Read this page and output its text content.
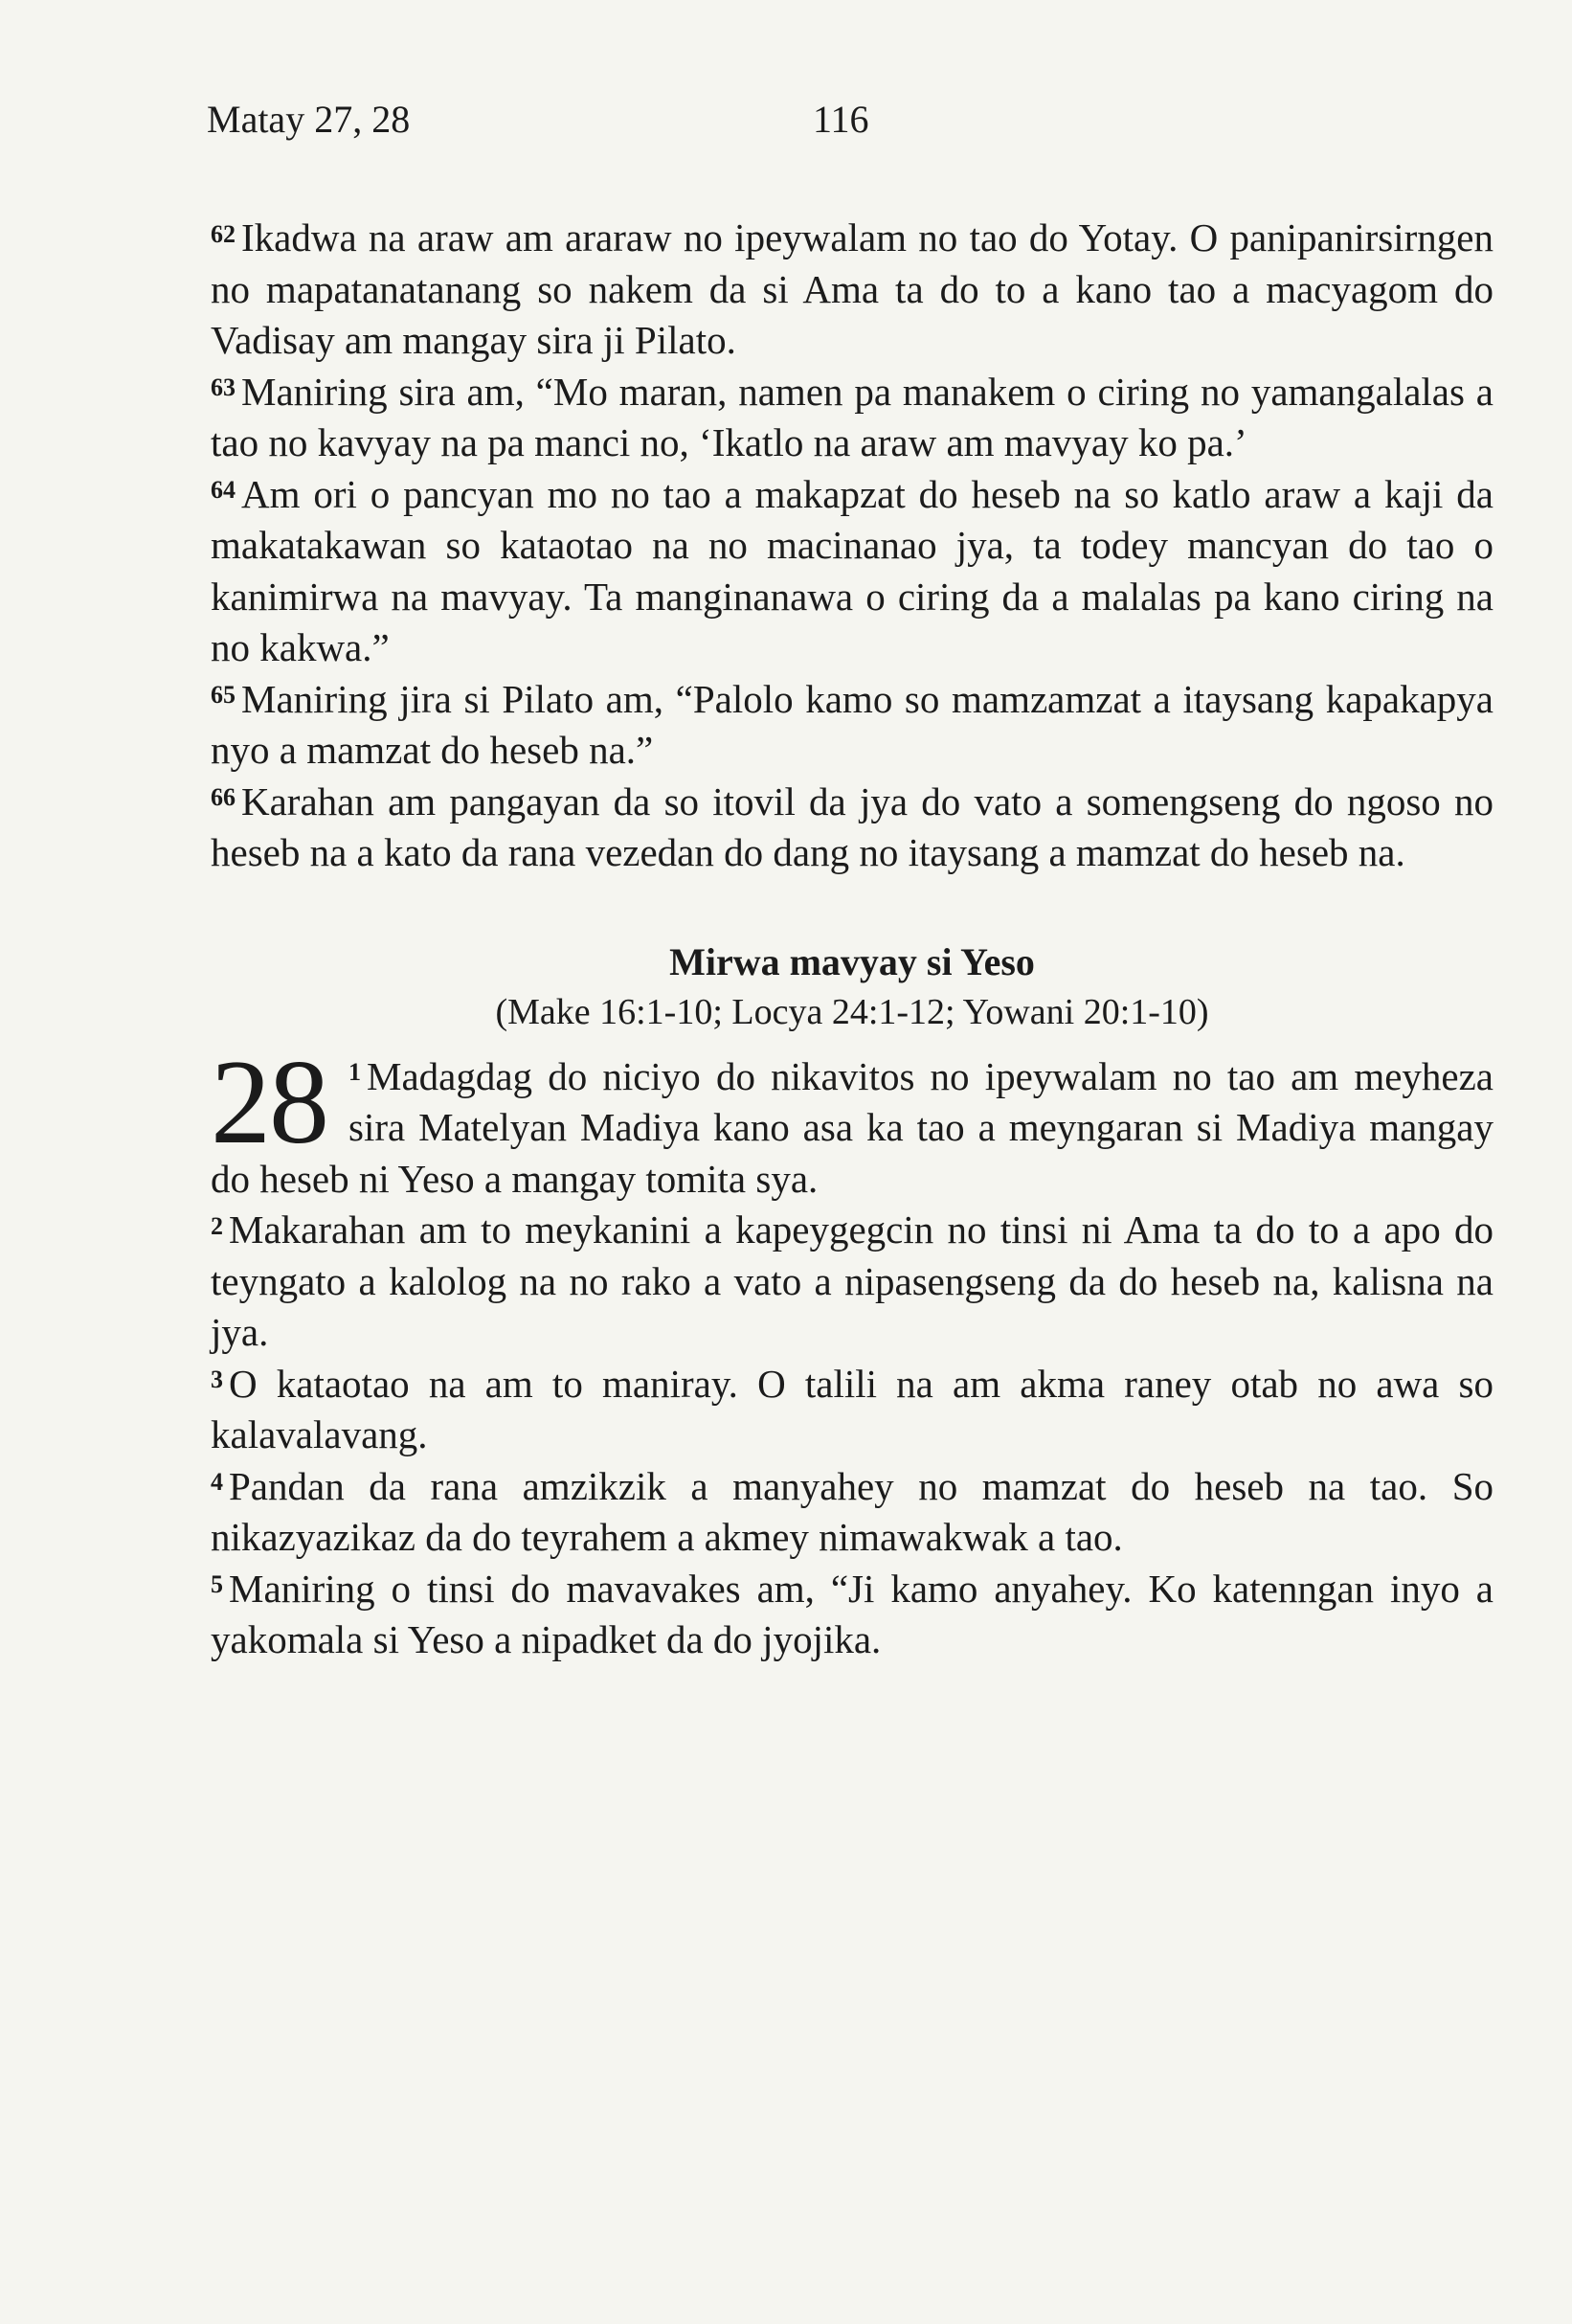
Matay 27, 28	116

$^{62}$ Ikadwa na araw am araraw no ipeywalam no tao do Yotay. O panipanirsirngen no mapatanatanang so nakem da si Ama ta do to a kano tao a macyagom do Vadisay am mangay sira ji Pilato.

$^{63}$ Maniring sira am, “Mo maran, namen pa manakem o ciring no yamangalalas a tao no kavyay na pa manci no, ‘Ikatlo na araw am mavyay ko pa.’

$^{64}$ Am ori o pancyan mo no tao a makapzat do heseb na so katlo araw a kaji da makatakawan so kataotao na no macinanao jya, ta todey mancyan do tao o kanimirwa na mavyay. Ta manginanawa o ciring da a malalas pa kano ciring na no kakwa.”

$^{65}$ Maniring jira si Pilato am, “Palolo kamo so mamzamzat a itaysang kapakapya nyo a mamzat do heseb na.”

$^{66}$ Karahan am pangayan da so itovil da jya do vato a somengseng do ngoso no heseb na a kato da rana vezedan do dang no itaysang a mamzat do heseb na.

Mirwa mavyay si Yeso
(Make 16:1-10; Locya 24:1-12; Yowani 20:1-10)

28 $^1$ Madagdag do niciyo do nikavitos no ipeywalam no tao am meyheza sira Matelyan Madiya kano asa ka tao a meyngaran si Madiya mangay do heseb ni Yeso a mangay tomita sya.

$^2$ Makarahan am to meykanini a kapeygegcin no tinsi ni Ama ta do to a apo do teyngato a kalolog na no rako a vato a nipasengseng da do heseb na, kalisna na jya.

$^3$ O kataotao na am to maniray. O talili na am akma raney otab no awa so kalavalavang.

$^4$ Pandan da rana amzikzik a manyahey no mamzat do heseb na tao. So nikazyazikaz da do teyrahem a akmey nimawakwak a tao.

$^5$ Maniring o tinsi do mavavakes am, “Ji kamo anyahey. Ko katenngan inyo a yakomala si Yeso a nipadket da do jyojika.
